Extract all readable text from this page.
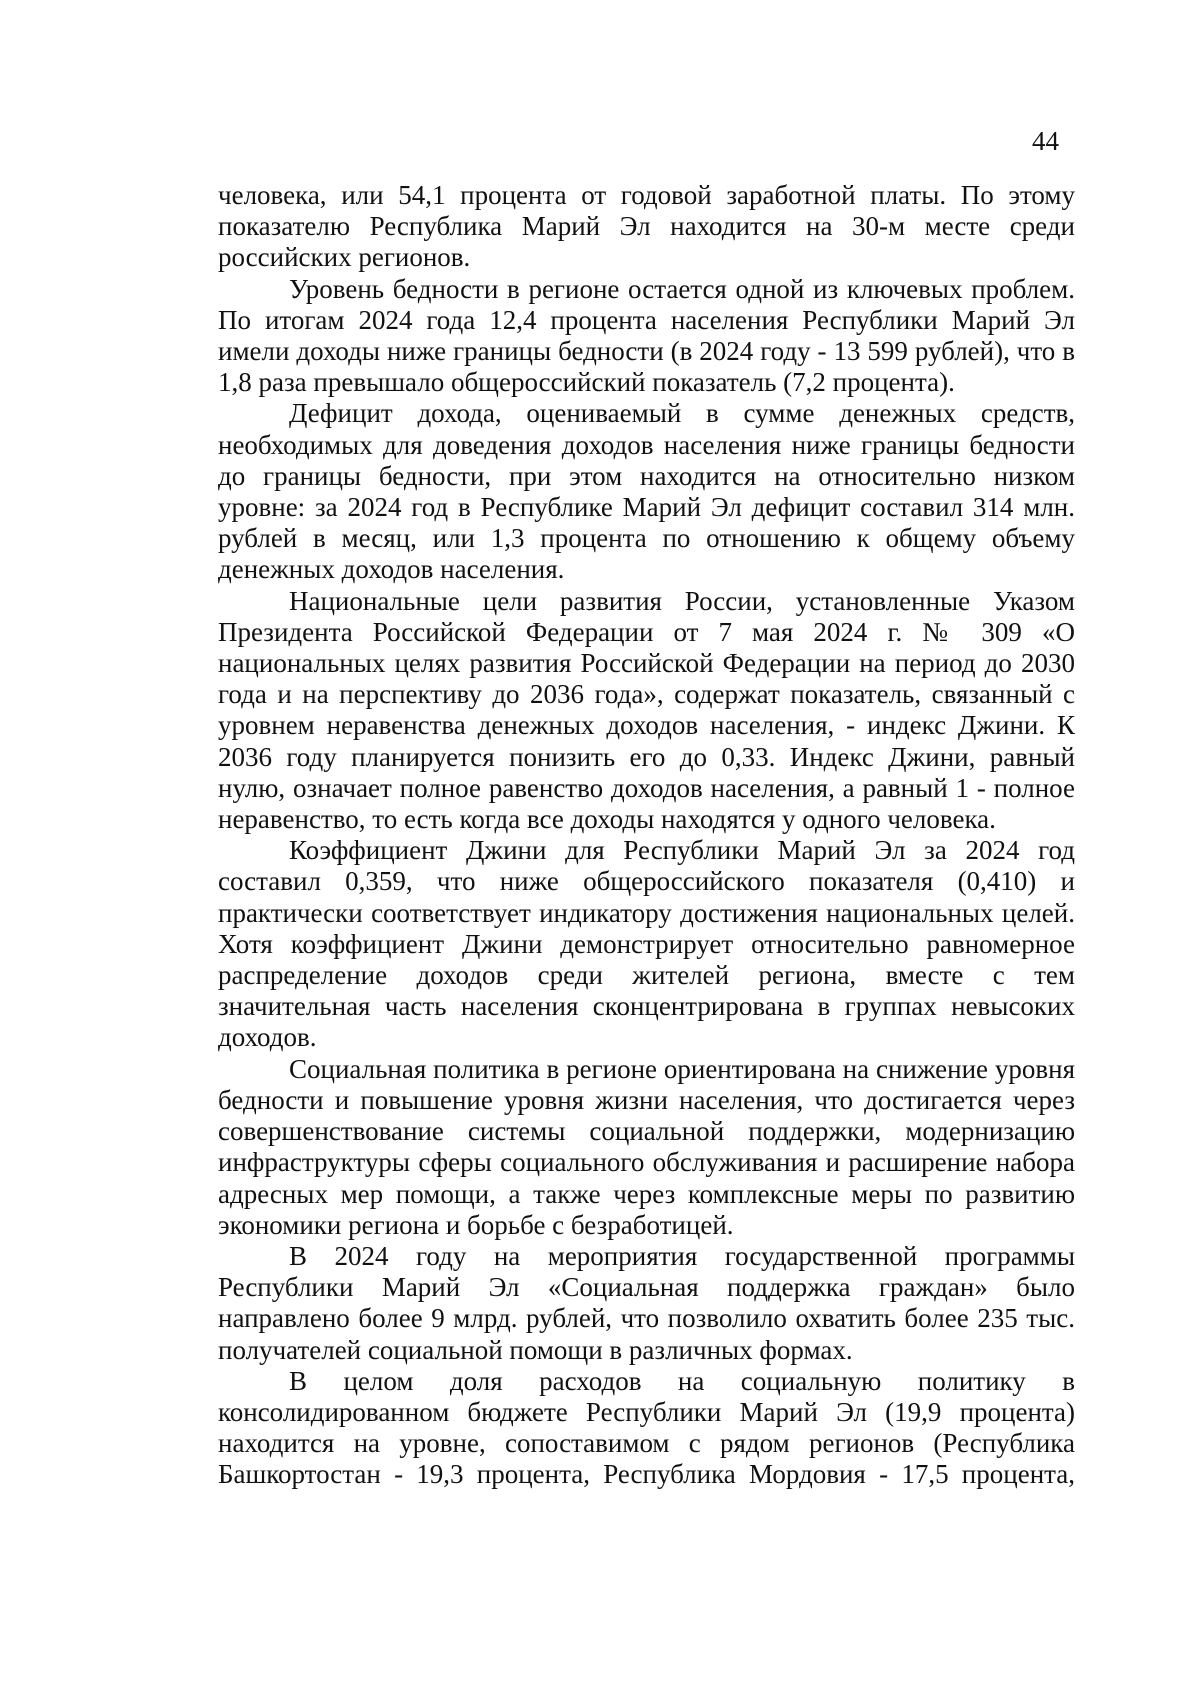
44

человека, или 54,1 процента от годовой заработной платы. По этому показателю Республика Марий Эл находится на 30-м месте среди российских регионов.

Уровень бедности в регионе остается одной из ключевых проблем. По итогам 2024 года 12,4 процента населения Республики Марий Эл имели доходы ниже границы бедности (в 2024 году - 13 599 рублей), что в 1,8 раза превышало общероссийский показатель (7,2 процента).

Дефицит дохода, оцениваемый в сумме денежных средств, необходимых для доведения доходов населения ниже границы бедности до границы бедности, при этом находится на относительно низком уровне: за 2024 год в Республике Марий Эл дефицит составил 314 млн. рублей в месяц, или 1,3 процента по отношению к общему объему денежных доходов населения.

Национальные цели развития России, установленные Указом Президента Российской Федерации от 7 мая 2024 г. № 309 «О национальных целях развития Российской Федерации на период до 2030 года и на перспективу до 2036 года», содержат показатель, связанный с уровнем неравенства денежных доходов населения, - индекс Джини. К 2036 году планируется понизить его до 0,33. Индекс Джини, равный нулю, означает полное равенство доходов населения, а равный 1 - полное неравенство, то есть когда все доходы находятся у одного человека.

Коэффициент Джини для Республики Марий Эл за 2024 год составил 0,359, что ниже общероссийского показателя (0,410) и практически соответствует индикатору достижения национальных целей. Хотя коэффициент Джини демонстрирует относительно равномерное распределение доходов среди жителей региона, вместе с тем значительная часть населения сконцентрирована в группах невысоких доходов.

Социальная политика в регионе ориентирована на снижение уровня бедности и повышение уровня жизни населения, что достигается через совершенствование системы социальной поддержки, модернизацию инфраструктуры сферы социального обслуживания и расширение набора адресных мер помощи, а также через комплексные меры по развитию экономики региона и борьбе с безработицей.

В 2024 году на мероприятия государственной программы Республики Марий Эл «Социальная поддержка граждан» было направлено более 9 млрд. рублей, что позволило охватить более 235 тыс. получателей социальной помощи в различных формах.

В целом доля расходов на социальную политику в консолидированном бюджете Республики Марий Эл (19,9 процента) находится на уровне, сопоставимом с рядом регионов (Республика Башкортостан - 19,3 процента, Республика Мордовия - 17,5 процента,
